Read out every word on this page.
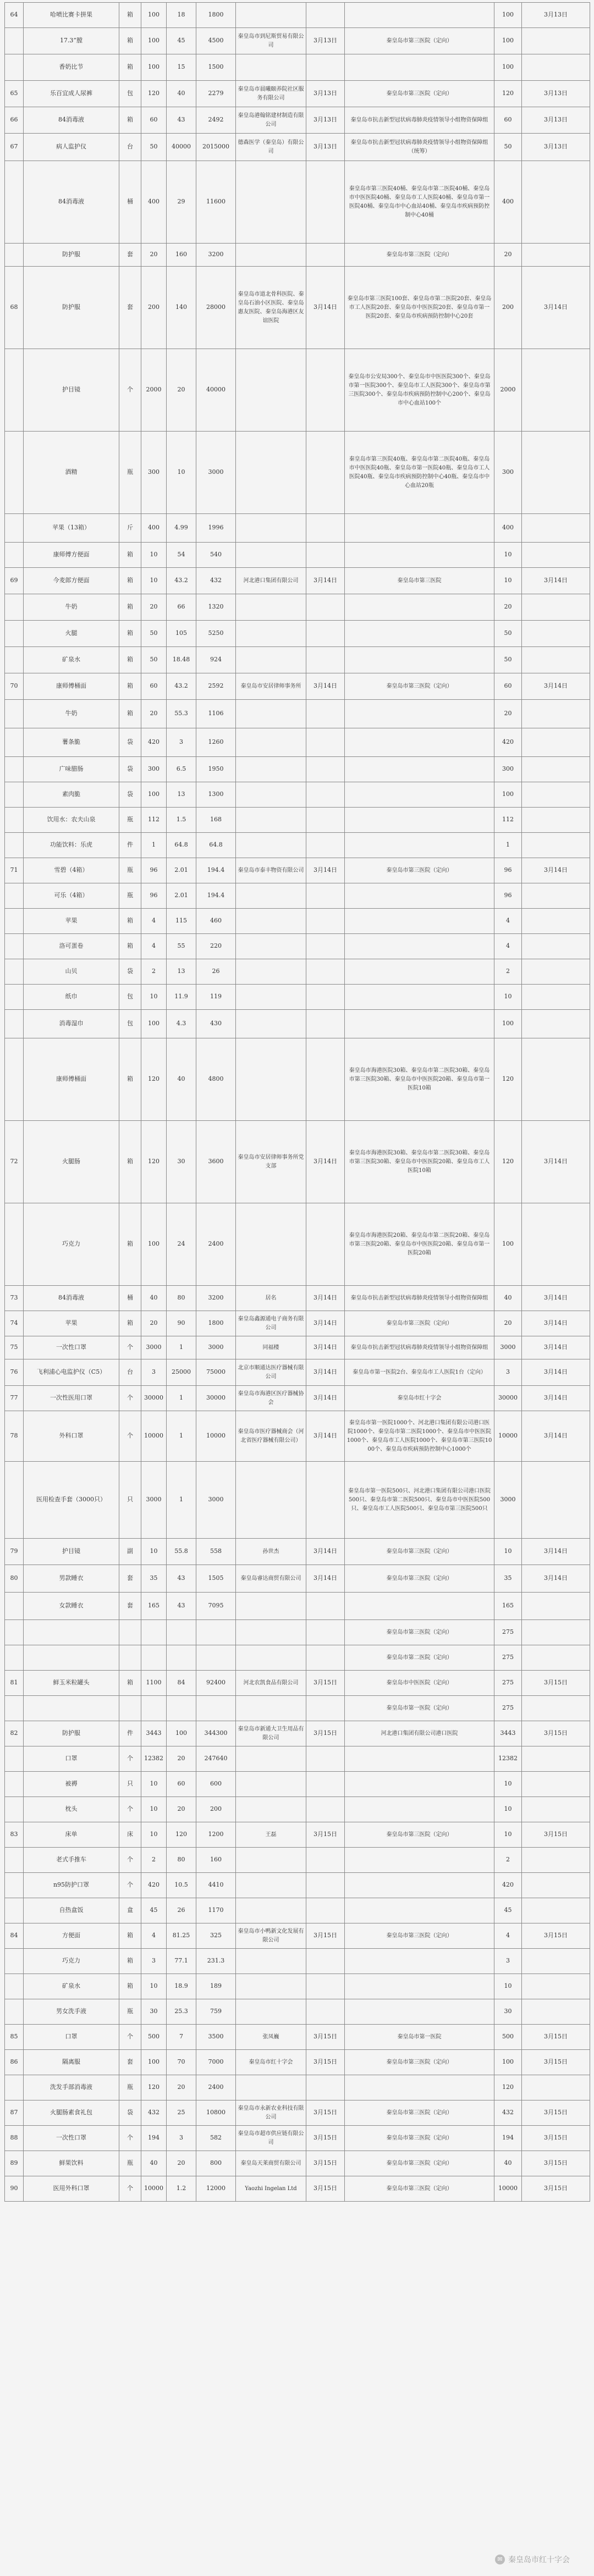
64	哈喷比赛卡拼果	箱	100	18	1800				100	3月13日
	17.3”膛	箱	100	45	4500	秦皇岛市到尼斯贸易有限公司	3月13日	秦皇岛市第三医院（定向）	100	
	香奶比节	箱	100	15	1500				100	
65	乐百宜成人尿裤	包	120	40	2279	秦皇岛市晨曦颐养院社区服务有限公司	3月13日	秦皇岛市第三医院（定向）	120	3月13日
66	84消毒液	箱	60	43	2492	秦皇岛港翰铭建材制造有限公司	3月13日	秦皇岛市抗击新型冠状病毒肺炎疫情领导小组物资保障组	60	3月13日
67	病人监护仪	台	50	40000	2015000	德森医学（秦皇岛）有限公司	3月13日	秦皇岛市抗击新型冠状病毒肺炎疫情领导小组物资保障组（统筹）	50	3月13日
	84消毒液	桶	400	29	11600			秦皇岛市第三医院40桶、秦皇岛市第二医院40桶、秦皇岛市中医医院40桶、秦皇岛市工人医院40桶、秦皇岛市第一医院40桶、秦皇岛市中心血站40桶、秦皇岛市疾病预防控制中心40桶	400	
	防护服	套	20	160	3200			秦皇岛市第三医院（定向）	20	
68	防护服	套	200	140	28000	秦皇岛市道北骨科医院、秦皇岛石油小区医院、秦皇岛惠友医院、秦皇岛海港区友谊医院	3月14日	秦皇岛市第三医院100套、秦皇岛市第二医院20套、秦皇岛市工人医院20套、秦皇岛市中医医院20套、秦皇岛市第一医院20套、秦皇岛市疾病预防控制中心20套	200	3月14日
	护目镜	个	2000	20	40000			秦皇岛市公安局300个、秦皇岛市中医医院300个、秦皇岛市第一医院300个、秦皇岛市工人医院300个、秦皇岛市第三医院300个、秦皇岛市疾病预防控制中心200个、秦皇岛市中心血站100个	2000	
	酒精	瓶	300	10	3000			秦皇岛市第三医院40瓶、秦皇岛市第二医院40瓶、秦皇岛市中医医院40瓶、秦皇岛市第一医院40瓶、秦皇岛市工人医院40瓶、秦皇岛市疾病预防控制中心40瓶、秦皇岛市中心血站20瓶	300	
	苹果（13箱）	斤	400	4.99	1996				400	
	康师傅方便面	箱	10	54	540				10	
69	今麦郎方便面	箱	10	43.2	432	河北港口集团有限公司	3月14日	秦皇岛市第三医院	10	3月14日
	牛奶	箱	20	66	1320				20	
	火腿	箱	50	105	5250				50	
	矿泉水	箱	50	18.48	924				50	
70	康师傅桶面	箱	60	43.2	2592	秦皇岛市安居律师事务所	3月14日	秦皇岛市第三医院（定向）	60	3月14日
	牛奶	箱	20	55.3	1106				20	
	薯条脆	袋	420	3	1260				420	
	广味腊肠	袋	300	6.5	1950				300	
	素肉脆	袋	100	13	1300				100	
	饮用水：农夫山泉	瓶	112	1.5	168				112	
	功能饮料：乐虎	件	1	64.8	64.8				1	
71	雪碧（4箱）	瓶	96	2.01	194.4	秦皇岛市泰丰物资有限公司	3月14日	秦皇岛市第三医院（定向）	96	3月14日
	可乐（4箱）	瓶	96	2.01	194.4				96	
	苹果	箱	4	115	460				4	
	洛可蛋卷	箱	4	55	220				4	
	山贝	袋	2	13	26				2	
	纸巾	包	10	11.9	119				10	
	消毒湿巾	包	100	4.3	430				100	
	康师傅桶面	箱	120	40	4800			秦皇岛市海港医院30箱、秦皇岛市第二医院30箱、秦皇岛市第三医院30箱、秦皇岛市中医医院20箱、秦皇岛市第一医院10箱	120	
72	火腿肠	箱	120	30	3600	秦皇岛市安居律师事务所党支部	3月14日	秦皇岛市海港医院30箱、秦皇岛市第二医院30箱、秦皇岛市第三医院30箱、秦皇岛市中医医院20箱、秦皇岛市工人医院10箱	120	3月14日
	巧克力	箱	100	24	2400			秦皇岛市海港医院20箱、秦皇岛市第二医院20箱、秦皇岛市第三医院20箱、秦皇岛市中医医院20箱、秦皇岛市第一医院20箱	100	
73	84消毒液	桶	40	80	3200	居名	3月14日	秦皇岛市抗击新型冠状病毒肺炎疫情领导小组物资保障组	40	3月14日
74	苹果	箱	20	90	1800	秦皇岛鑫源通电子商务有限公司	3月14日	秦皇岛市第三医院（定向）	20	3月14日
75	一次性口罩	个	3000	1	3000	同福楼	3月14日	秦皇岛市抗击新型冠状病毒肺炎疫情领导小组物资保障组	3000	3月14日
76	飞利浦心电监护仪（C5）	台	3	25000	75000	北京市顺通达医疗器械有限公司	3月14日	秦皇岛市第一医院2台、秦皇岛市工人医院1台（定向）	3	3月14日
77	一次性医用口罩	个	30000	1	30000	秦皇岛市海港区医疗器械协会	3月14日	秦皇岛市红十字会	30000	3月14日
78	外科口罩	个	10000	1	10000	秦皇岛市医疗器械商会（河北省医疗器械有限公司）	3月14日	秦皇岛市第一医院1000个、河北港口集团有限公司港口医院1000个、秦皇岛市第二医院1000个、秦皇岛市中医医院1000个、秦皇岛市工人医院1000个、秦皇岛市第三医院1000个、秦皇岛市疾病预防控制中心1000个	10000	3月14日
	医用检查手套（3000只）	只	3000	1	3000			秦皇岛市第一医院500只、河北港口集团有限公司港口医院500只、秦皇岛市第二医院500只、秦皇岛市中医医院500只、秦皇岛市工人医院500只、秦皇岛市第三医院500只	3000	
79	护目镜	副	10	55.8	558	孙世杰	3月14日	秦皇岛市第三医院（定向）	10	3月14日
80	男款睡衣	套	35	43	1505	秦皇岛睿达商贸有限公司	3月14日	秦皇岛市第三医院（定向）	35	3月14日
	女款睡衣	套	165	43	7095				165	
								秦皇岛市第三医院（定向）	275	
								秦皇岛市第二医院（定向）	275	
81	鲜玉米粒罐头	箱	1100	84	92400	河北农凯食品有限公司	3月15日	秦皇岛市中医医院（定向）	275	3月15日
								秦皇岛市第一医院（定向）	275	
82	防护服	件	3443	100	344300	秦皇岛市新通大卫生用品有限公司	3月15日	河北港口集团有限公司港口医院	3443	3月15日
	口罩	个	12382	20	247640				12382	
	被褥	只	10	60	600				10	
	枕头	个	10	20	200				10	
83	床单	床	10	120	1200	王磊	3月15日	秦皇岛市第三医院（定向）	10	3月15日
	老式手推车	个	2	80	160				2	
	n95防护口罩	个	420	10.5	4410				420	
	自热盒饭	盒	45	26	1170				45	
84	方便面	箱	4	81.25	325	秦皇岛市小鸭新文化发展有限公司	3月15日	秦皇岛市第三医院（定向）	4	3月15日
	巧克力	箱	3	77.1	231.3				3	
	矿泉水	箱	10	18.9	189				10	
	男女洗手液	瓶	30	25.3	759				30	
85	口罩	个	500	7	3500	张凤巍	3月15日	秦皇岛市第一医院	500	3月15日
86	隔离服	套	100	70	7000	秦皇岛市红十字会	3月15日	秦皇岛市第三医院（定向）	100	3月15日
	洗发手部消毒液	瓶	120	20	2400				120	
87	火腿肠素食礼包	袋	432	25	10800	秦皇岛市永新农业科技有限公司	3月15日	秦皇岛市第三医院（定向）	432	3月15日
88	一次性口罩	个	194	3	582	秦皇岛市超市供应链有限公司	3月15日	秦皇岛市第三医院（定向）	194	3月15日
89	鲜果饮料	瓶	40	20	800	秦皇岛天莱商贸有限公司	3月15日	秦皇岛市第三医院（定向）	40	3月15日
90	医用外科口罩	个	10000	1.2	12000	Yaozhi Ingelan Ltd	3月15日	秦皇岛市第三医院（定向）	10000	3月15日
✉ 秦皇岛市红十字会
